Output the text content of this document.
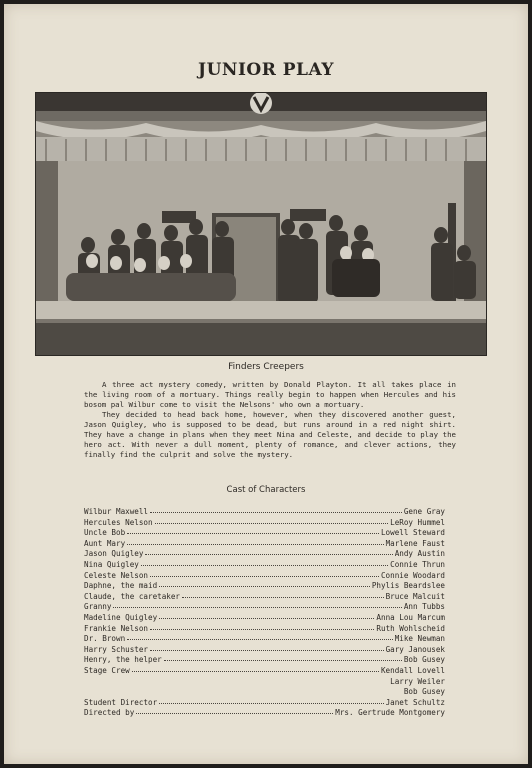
JUNIOR PLAY
Finders Creepers

A three act mystery comedy, written by Donald Playton. It all takes place in the living room of a mortuary. Things really begin to happen when Hercules and his bosom pal Wilbur come to visit the Nelsons' who own a mortuary.

They decided to head back home, however, when they discovered another guest, Jason Quigley, who is supposed to be dead, but runs around in a red night shirt. They have a change in plans when they meet Nina and Celeste, and decide to play the hero act. With never a dull moment, plenty of romance, and clever actions, they finally find the culprit and solve the mystery.

Cast of Characters
Wilbur Maxwell	Gene Gray
Hercules Nelson	LeRoy Hummel
Uncle Bob	Lowell Steward
Aunt Mary	Marlene Faust
Jason Quigley	Andy Austin
Nina Quigley	Connie Thrun
Celeste Nelson	Connie Woodard
Daphne, the maid	Phylis Beardslee
Claude, the caretaker	Bruce Malcuit
Granny	Ann Tubbs
Madeline Quigley	Anna Lou Marcum
Frankie Nelson	Ruth Wohlscheid
Dr. Brown	Mike Newman
Harry Schuster	Gary Janousek
Henry, the helper	Bob Gusey
Stage Crew	Kendall Lovell
Larry Weiler
Bob Gusey
Student Director	Janet Schultz
Directed by	Mrs. Gertrude Montgomery
